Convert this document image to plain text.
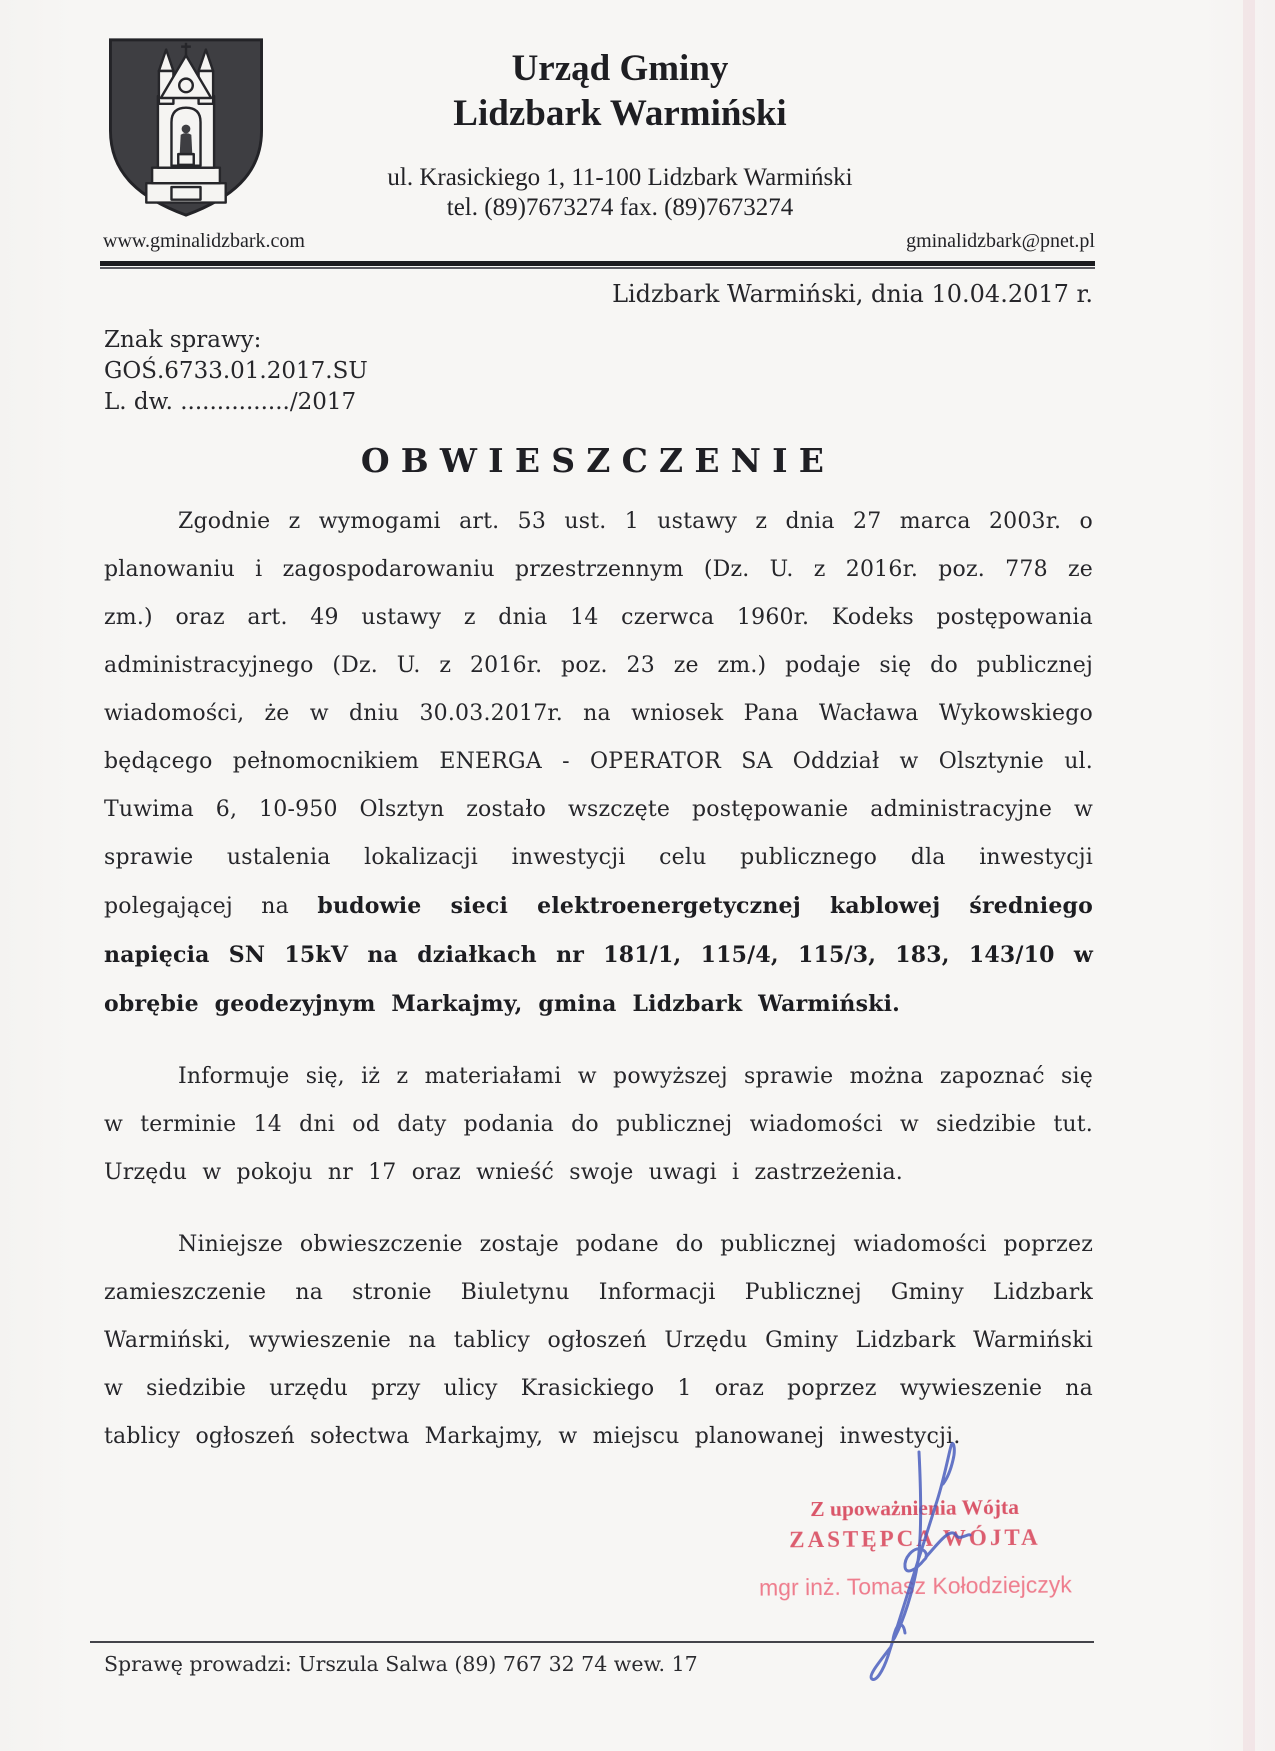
Urząd Gminy
Lidzbark Warmiński
ul. Krasickiego 1, 11-100 Lidzbark Warmiński
tel. (89)7673274 fax. (89)7673274
www.gminalidzbark.com	gminalidzbark@pnet.pl
Lidzbark Warmiński, dnia 10.04.2017 r.
Znak sprawy:
GOŚ.6733.01.2017.SU
L. dw. .............../2017
OBWIESZCZENIE

Zgodnie z wymogami art. 53 ust. 1 ustawy z dnia 27 marca 2003r. o planowaniu i zagospodarowaniu przestrzennym (Dz. U. z 2016r. poz. 778 ze zm.) oraz art. 49 ustawy z dnia 14 czerwca 1960r. Kodeks postępowania administracyjnego (Dz. U. z 2016r. poz. 23 ze zm.) podaje się do publicznej wiadomości, że w dniu 30.03.2017r. na wniosek Pana Wacława Wykowskiego będącego pełnomocnikiem ENERGA - OPERATOR SA Oddział w Olsztynie ul. Tuwima 6, 10-950 Olsztyn zostało wszczęte postępowanie administracyjne w sprawie ustalenia lokalizacji inwestycji celu publicznego dla inwestycji polegającej na budowie sieci elektroenergetycznej kablowej średniego napięcia SN 15kV na działkach nr 181/1, 115/4, 115/3, 183, 143/10 w obrębie geodezyjnym Markajmy, gmina Lidzbark Warmiński.

Informuje się, iż z materiałami w powyższej sprawie można zapoznać się w terminie 14 dni od daty podania do publicznej wiadomości w siedzibie tut. Urzędu w pokoju nr 17 oraz wnieść swoje uwagi i zastrzeżenia.

Niniejsze obwieszczenie zostaje podane do publicznej wiadomości poprzez zamieszczenie na stronie Biuletynu Informacji Publicznej Gminy Lidzbark Warmiński, wywieszenie na tablicy ogłoszeń Urzędu Gminy Lidzbark Warmiński w siedzibie urzędu przy ulicy Krasickiego 1 oraz poprzez wywieszenie na tablicy ogłoszeń sołectwa Markajmy, w miejscu planowanej inwestycji.

Z upoważnienia Wójta
ZASTĘPCA WÓJTA
mgr inż. Tomasz Kołodziejczyk
Sprawę prowadzi: Urszula Salwa (89) 767 32 74 wew. 17
